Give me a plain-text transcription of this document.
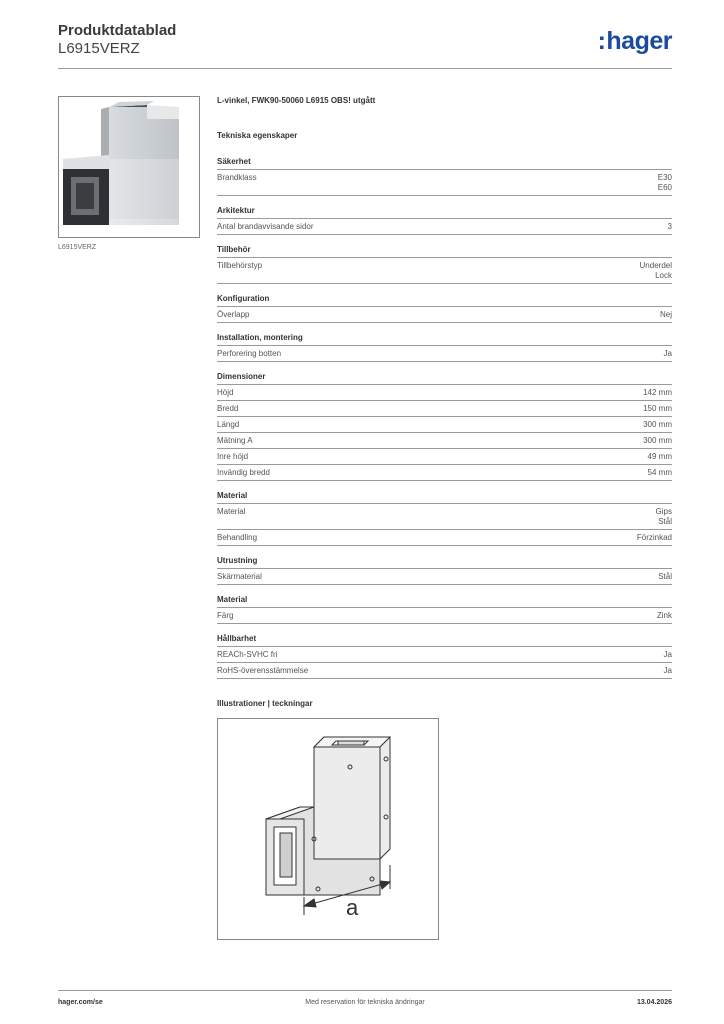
Produktdatablad
L6915VERZ	:hager
L6915VERZ
L-vinkel, FWK90-50060 L6915 OBS! utgått
Tekniska egenskaper
Säkerhet
Brandklass	E30
E60
Arkitektur
Antal brandavvisande sidor	3
Tillbehör
Tillbehörstyp	Underdel
Lock
Konfiguration
Överlapp	Nej
Installation, montering
Perforering botten	Ja
Dimensioner
Höjd	142 mm
Bredd	150 mm
Längd	300 mm
Mätning A	300 mm
Inre höjd	49 mm
Invändig bredd	54 mm
Material
Material	Gips
Stål
Behandling	Förzinkad
Utrustning
Skärmaterial	Stål
Material
Färg	Zink
Hållbarhet
REACh-SVHC fri	Ja
RoHS-överensstämmelse	Ja
Illustrationer | teckningar
a
hager.com/se	Med reservation för tekniska ändringar	13.04.2026
